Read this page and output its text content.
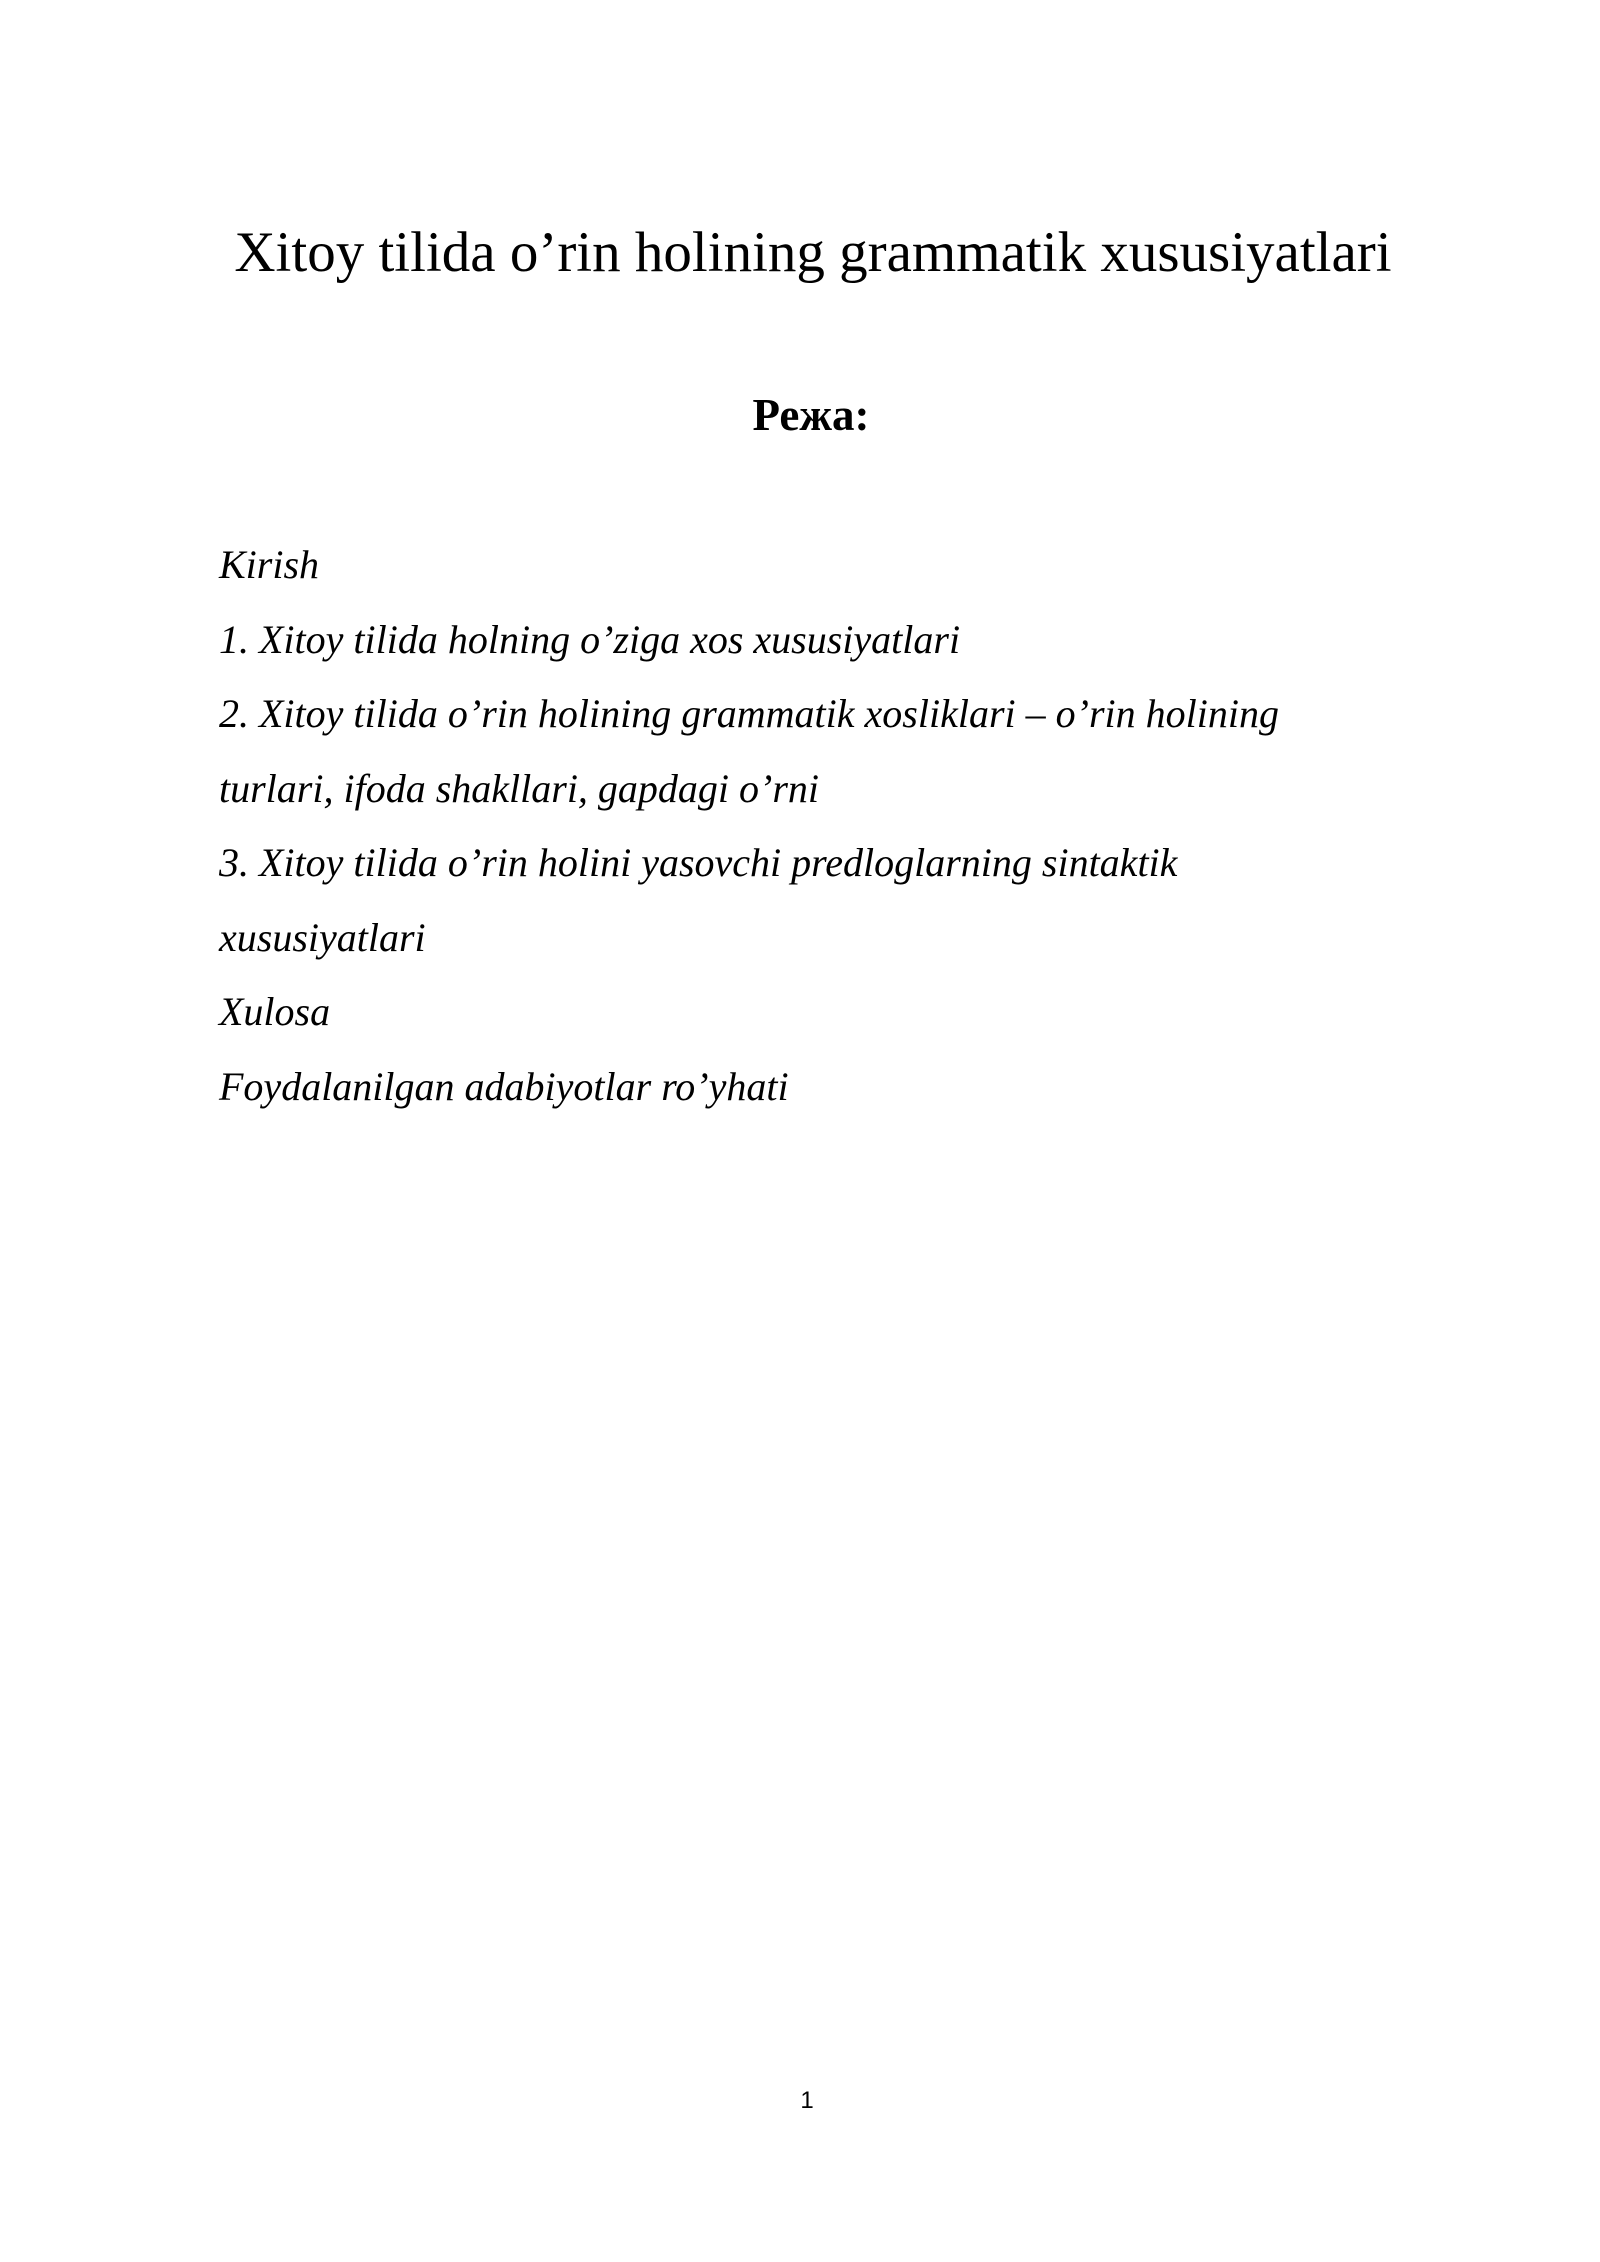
Xitoy tilida o’rin holining grammatik xususiyatlari
Режа:
Kirish
1. Xitoy tilida holning o’ziga xos xususiyatlari
2. Xitoy tilida o’rin holining grammatik xosliklari – o’rin holining
turlari, ifoda shakllari, gapdagi o’rni
3. Xitoy tilida o’rin holini yasovchi predloglarning sintaktik
xususiyatlari
Xulosa
Foydalanilgan adabiyotlar ro’yhati
1
